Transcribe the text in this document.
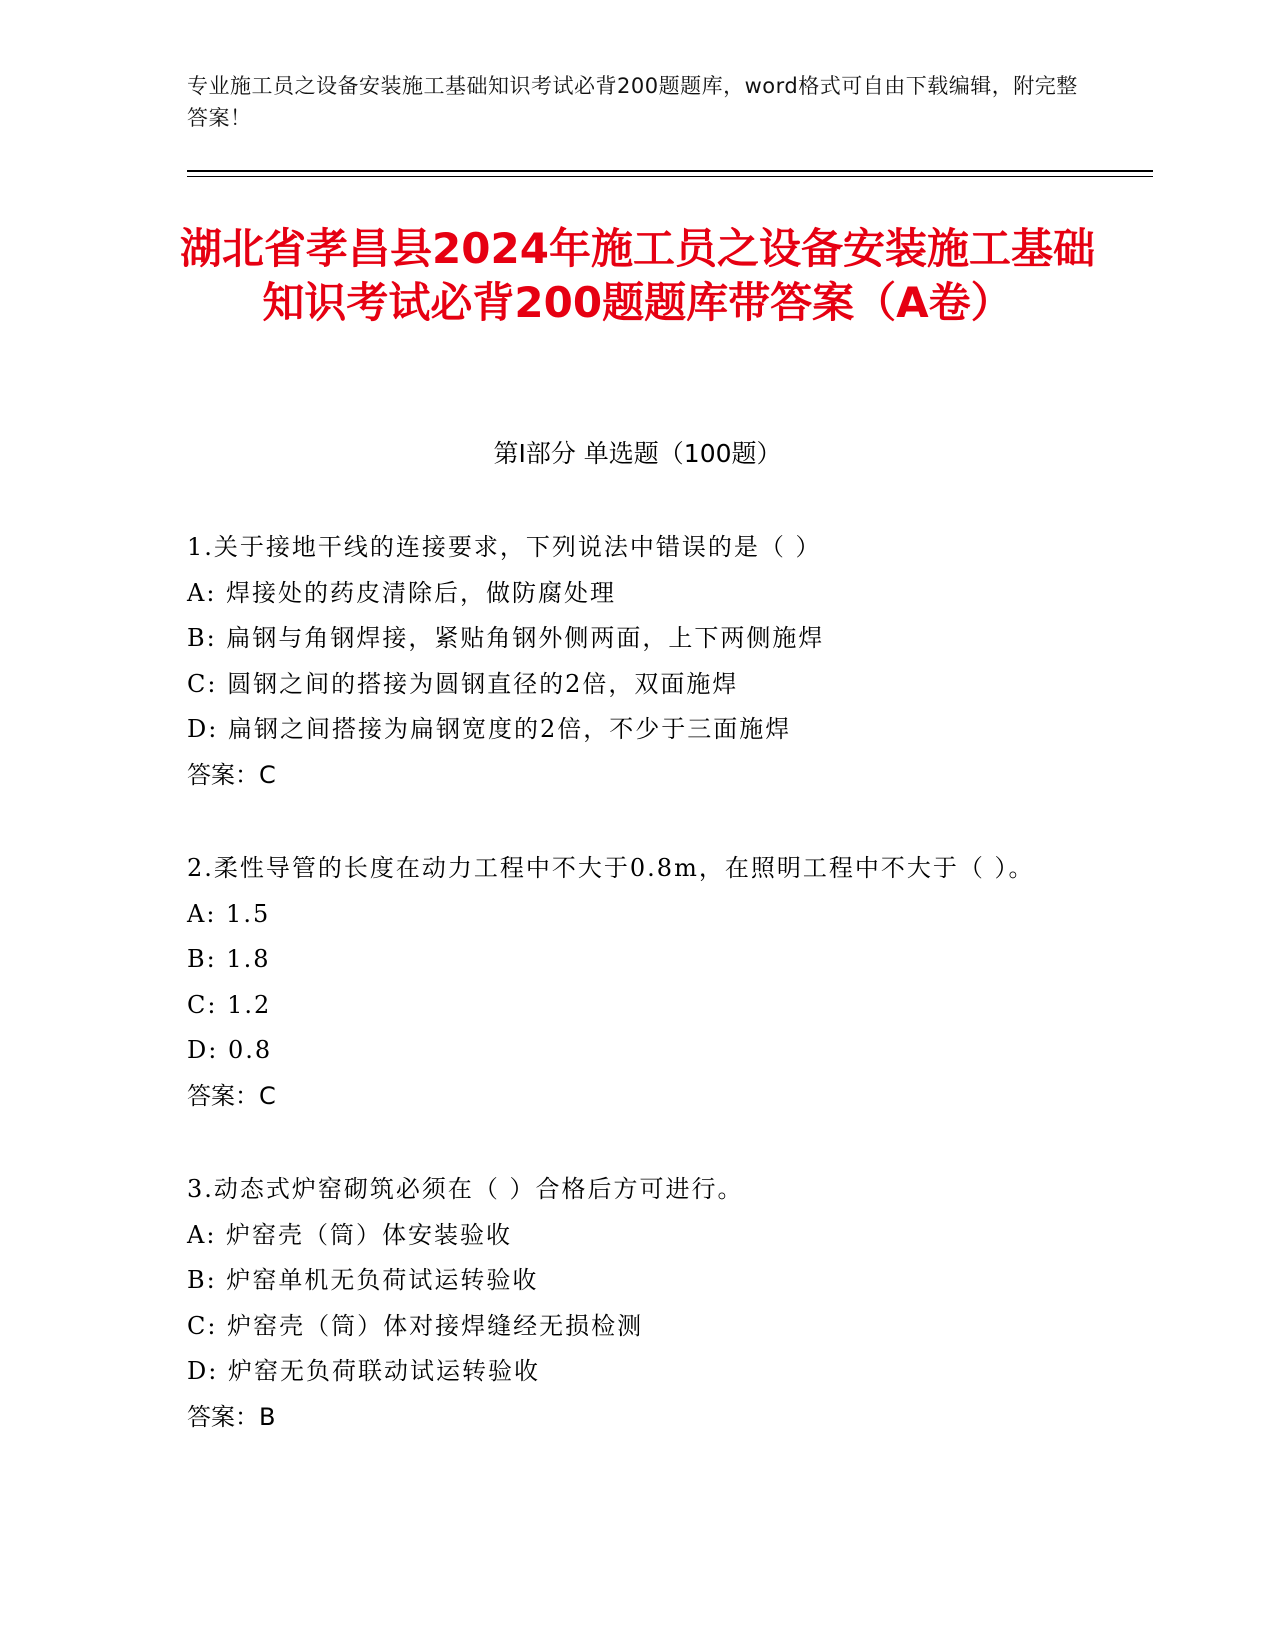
专业施工员之设备安装施工基础知识考试必背200题题库，word格式可自由下载编辑，附完整答案！
湖北省孝昌县2024年施工员之设备安装施工基础知识考试必背200题题库带答案（A卷）
第Ⅰ部分 单选题（100题）
1.关于接地干线的连接要求，下列说法中错误的是（ ）
A: 焊接处的药皮清除后，做防腐处理
B: 扁钢与角钢焊接，紧贴角钢外侧两面，上下两侧施焊
C: 圆钢之间的搭接为圆钢直径的2倍，双面施焊
D: 扁钢之间搭接为扁钢宽度的2倍，不少于三面施焊
答案：C
2.柔性导管的长度在动力工程中不大于0.8m，在照明工程中不大于（ ）。
A: 1.5
B: 1.8
C: 1.2
D: 0.8
答案：C
3.动态式炉窑砌筑必须在（ ）合格后方可进行。
A: 炉窑壳（筒）体安装验收
B: 炉窑单机无负荷试运转验收
C: 炉窑壳（筒）体对接焊缝经无损检测
D: 炉窑无负荷联动试运转验收
答案：B
